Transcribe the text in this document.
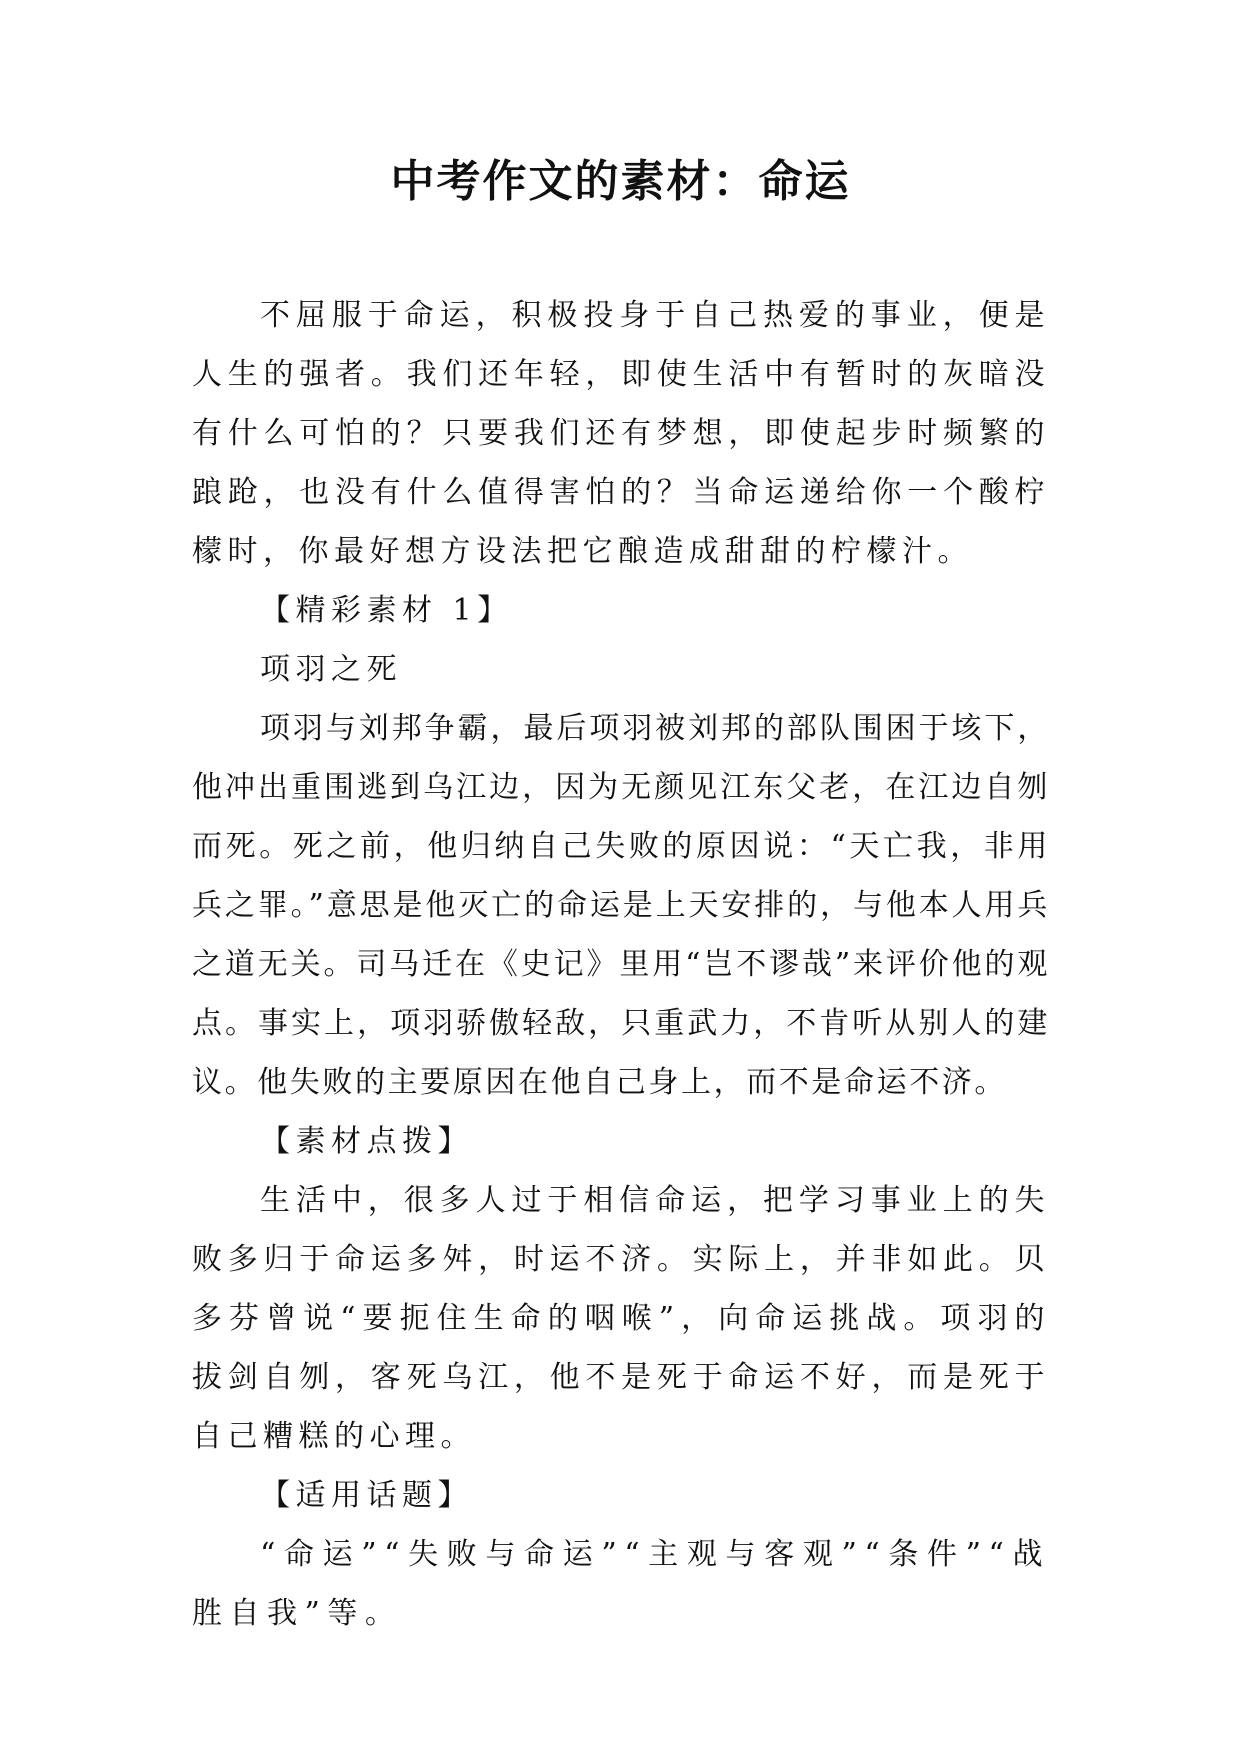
中考作文的素材：命运

不屈服于命运，积极投身于自己热爱的事业，便是人生的强者。我们还年轻，即使生活中有暂时的灰暗没有什么可怕的？只要我们还有梦想，即使起步时频繁的踉跄，也没有什么值得害怕的？当命运递给你一个酸柠檬时，你最好想方设法把它酿造成甜甜的柠檬汁。

【精彩素材 1】

项羽之死

项羽与刘邦争霸，最后项羽被刘邦的部队围困于垓下，他冲出重围逃到乌江边，因为无颜见江东父老，在江边自刎而死。死之前，他归纳自己失败的原因说：“天亡我，非用兵之罪。”意思是他灭亡的命运是上天安排的，与他本人用兵之道无关。司马迁在《史记》里用“岂不谬哉”来评价他的观点。事实上，项羽骄傲轻敌，只重武力，不肯听从别人的建议。他失败的主要原因在他自己身上，而不是命运不济。

【素材点拨】

生活中，很多人过于相信命运，把学习事业上的失败多归于命运多舛，时运不济。实际上，并非如此。贝多芬曾说“要扼住生命的咽喉”，向命运挑战。项羽的拔剑自刎，客死乌江，他不是死于命运不好，而是死于自己糟糕的心理。

【适用话题】

“命运”“失败与命运”“主观与客观”“条件”“战胜自我”等。
